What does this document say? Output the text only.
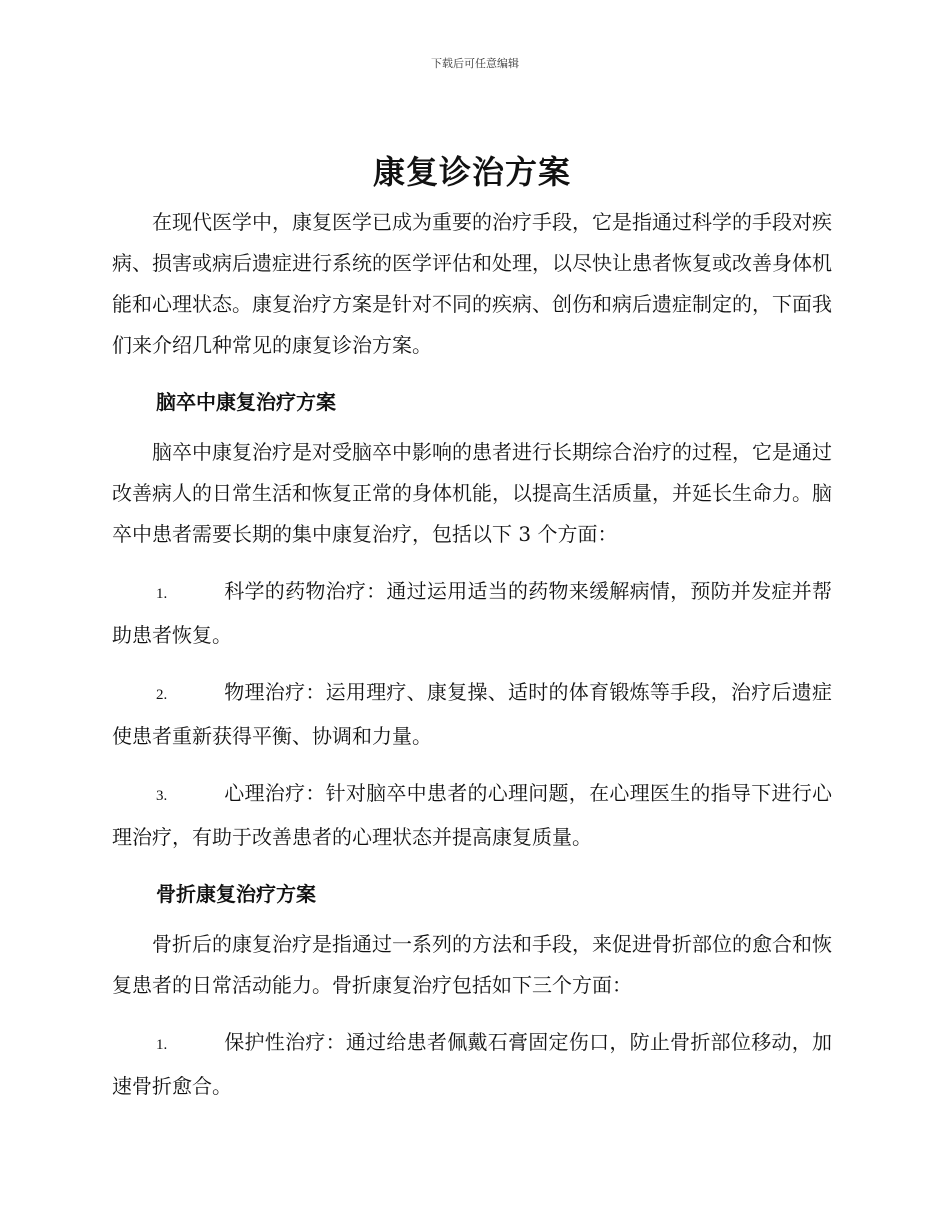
下载后可任意编辑
康复诊治方案

在现代医学中，康复医学已成为重要的治疗手段，它是指通过科学的手段对疾病、损害或病后遗症进行系统的医学评估和处理，以尽快让患者恢复或改善身体机能和心理状态。康复治疗方案是针对不同的疾病、创伤和病后遗症制定的，下面我们来介绍几种常见的康复诊治方案。

脑卒中康复治疗方案

脑卒中康复治疗是对受脑卒中影响的患者进行长期综合治疗的过程，它是通过改善病人的日常生活和恢复正常的身体机能，以提高生活质量，并延长生命力。脑卒中患者需要长期的集中康复治疗，包括以下 3 个方面：

1.	科学的药物治疗：通过运用适当的药物来缓解病情，预防并发症并帮助患者恢复。

2.	物理治疗：运用理疗、康复操、适时的体育锻炼等手段，治疗后遗症使患者重新获得平衡、协调和力量。

3.	心理治疗：针对脑卒中患者的心理问题，在心理医生的指导下进行心理治疗，有助于改善患者的心理状态并提高康复质量。

骨折康复治疗方案

骨折后的康复治疗是指通过一系列的方法和手段，来促进骨折部位的愈合和恢复患者的日常活动能力。骨折康复治疗包括如下三个方面：

1.	保护性治疗：通过给患者佩戴石膏固定伤口，防止骨折部位移动，加速骨折愈合。
